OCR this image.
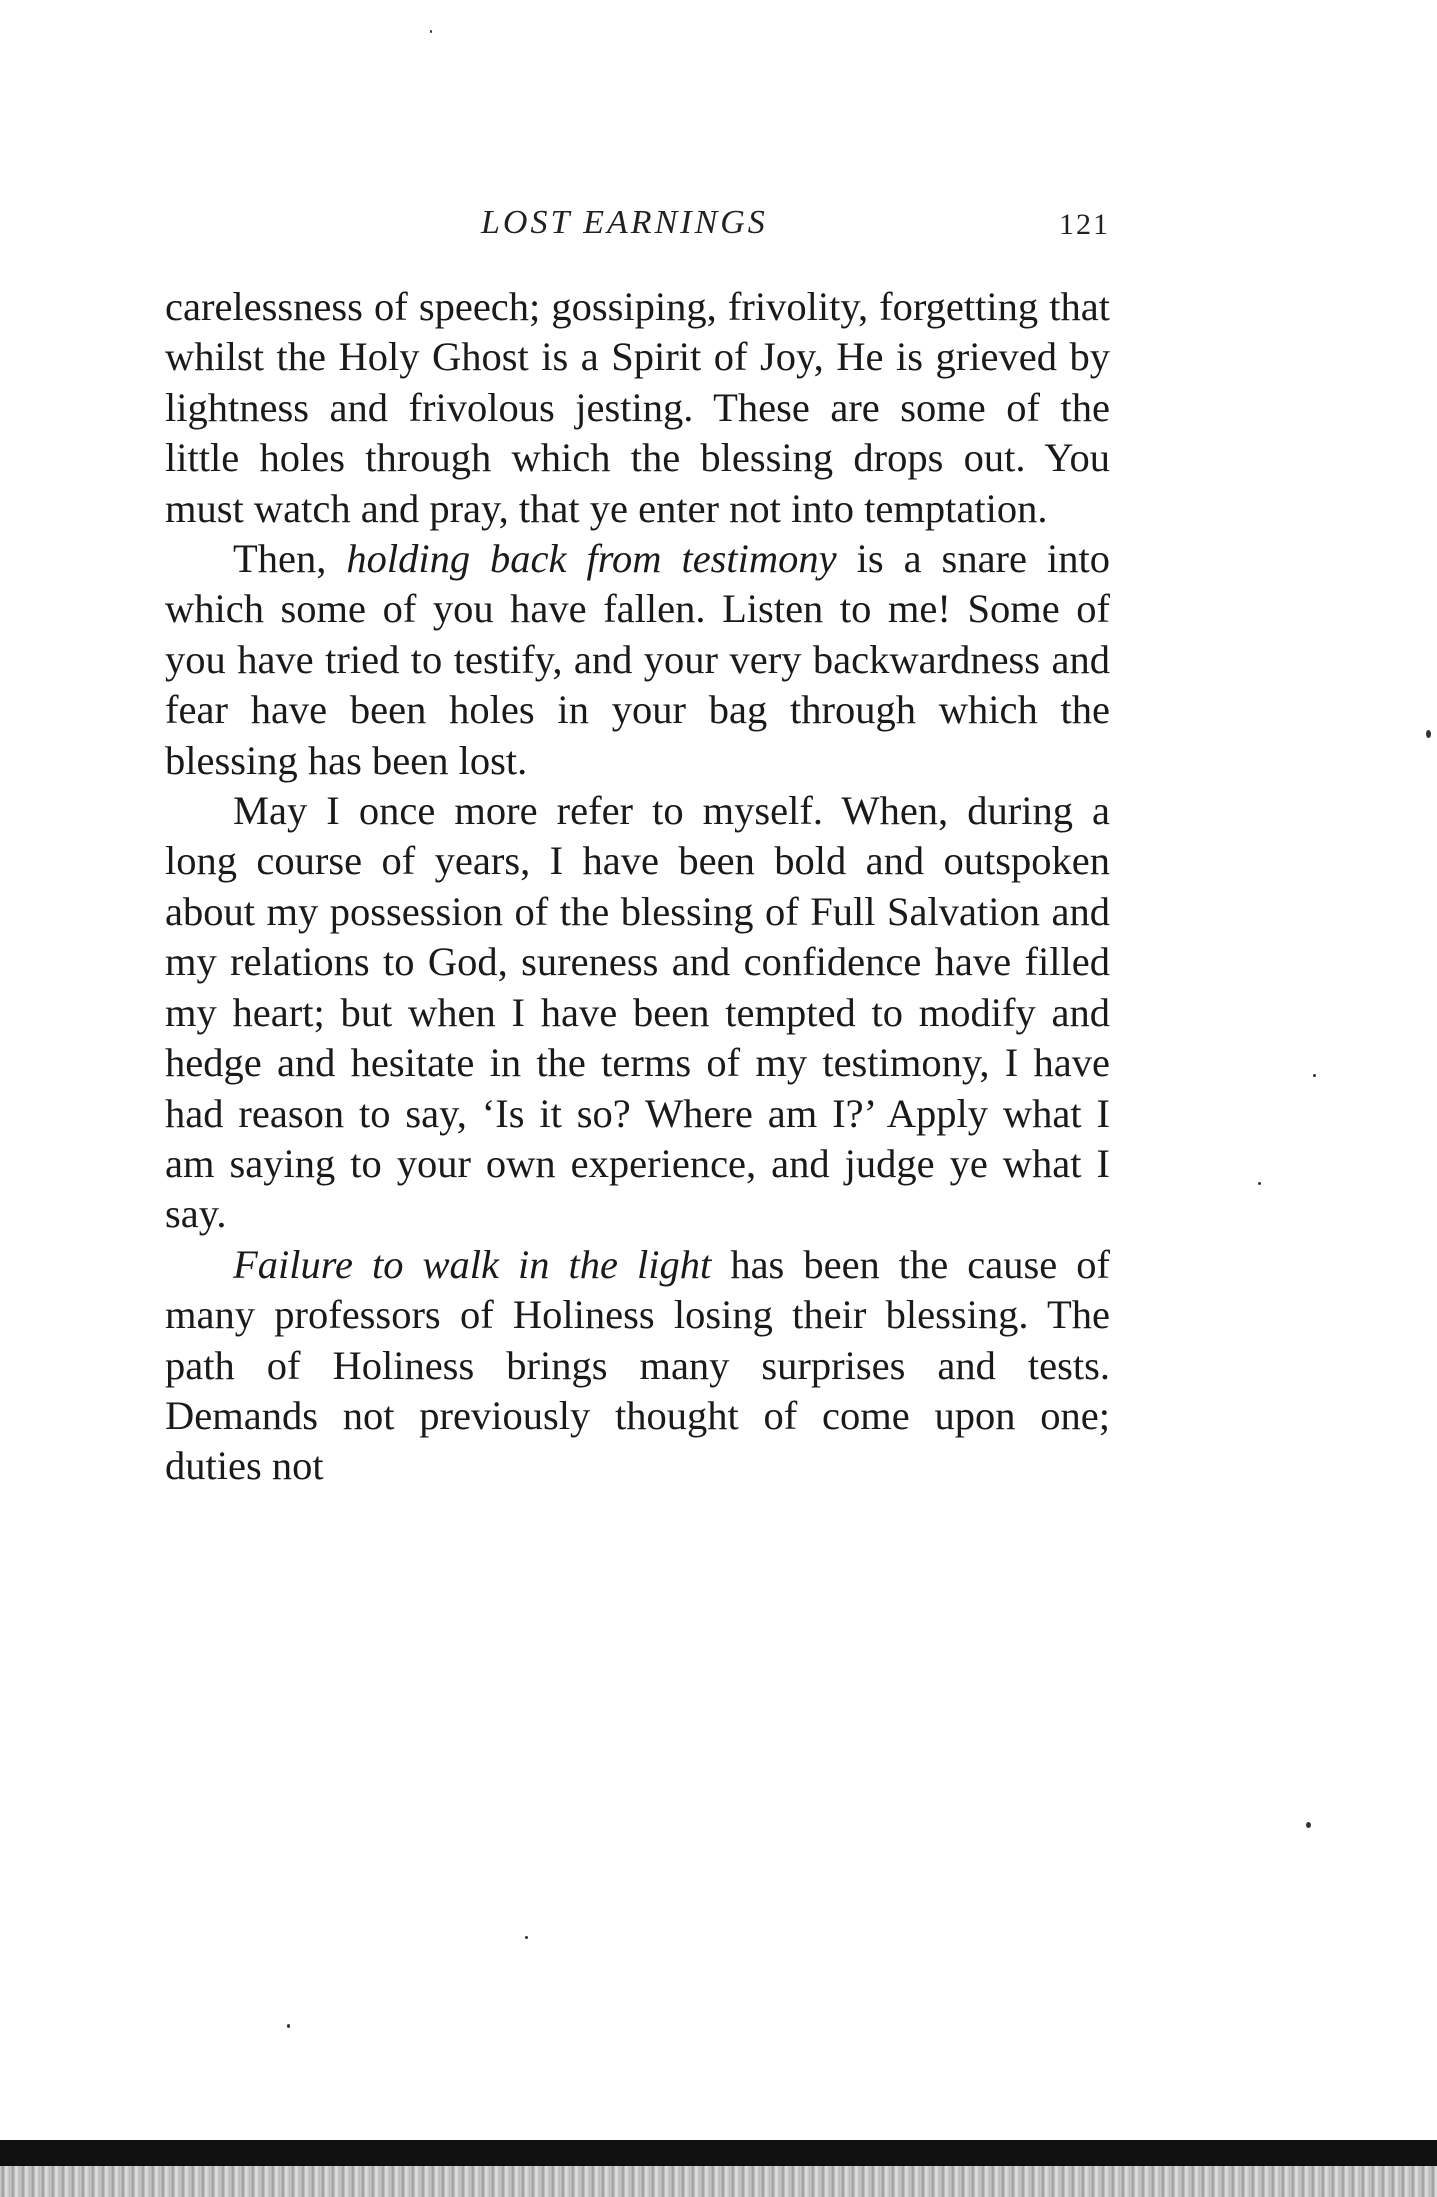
LOST EARNINGS	121

carelessness of speech; gossiping, frivolity, forgetting that whilst the Holy Ghost is a Spirit of Joy, He is grieved by lightness and frivolous jesting. These are some of the little holes through which the blessing drops out. You must watch and pray, that ye enter not into temptation.

Then, holding back from testimony is a snare into which some of you have fallen. Listen to me! Some of you have tried to testify, and your very backwardness and fear have been holes in your bag through which the blessing has been lost.

May I once more refer to myself. When, during a long course of years, I have been bold and outspoken about my possession of the blessing of Full Salvation and my relations to God, sureness and confidence have filled my heart; but when I have been tempted to modify and hedge and hesitate in the terms of my testimony, I have had reason to say, ‘Is it so? Where am I?’ Apply what I am saying to your own experience, and judge ye what I say.

Failure to walk in the light has been the cause of many professors of Holiness losing their blessing. The path of Holiness brings many surprises and tests. Demands not previously thought of come upon one; duties not
